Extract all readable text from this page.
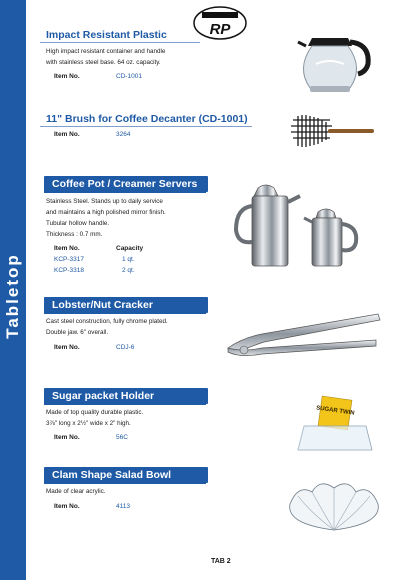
Tabletop
RP
Impact Resistant Plastic
High impact resistant container and handle
with stainless steel base. 64 oz. capacity.
Item No.	CD-1001
11" Brush for Coffee Decanter (CD-1001)
Item No.	3264
Coffee Pot / Creamer Servers
Stainless Steel. Stands up to daily service
and maintains a high polished mirror finish.
Tubular hollow handle.
Thickness : 0.7 mm.
Item No.	Capacity
KCP-3317	1 qt.
KCP-3318	2 qt.
Lobster/Nut Cracker
Cast steel construction, fully chrome plated.
Double jaw. 6" overall.
Item No.	CDJ-6
Sugar packet Holder
Made of top quality durable plastic.
3⅞" long x 2½" wide x 2" high.
Item No.	56C
SUGAR TWIN
Clam Shape Salad Bowl
Made of clear acrylic.
Item No.	4113
TAB 2
